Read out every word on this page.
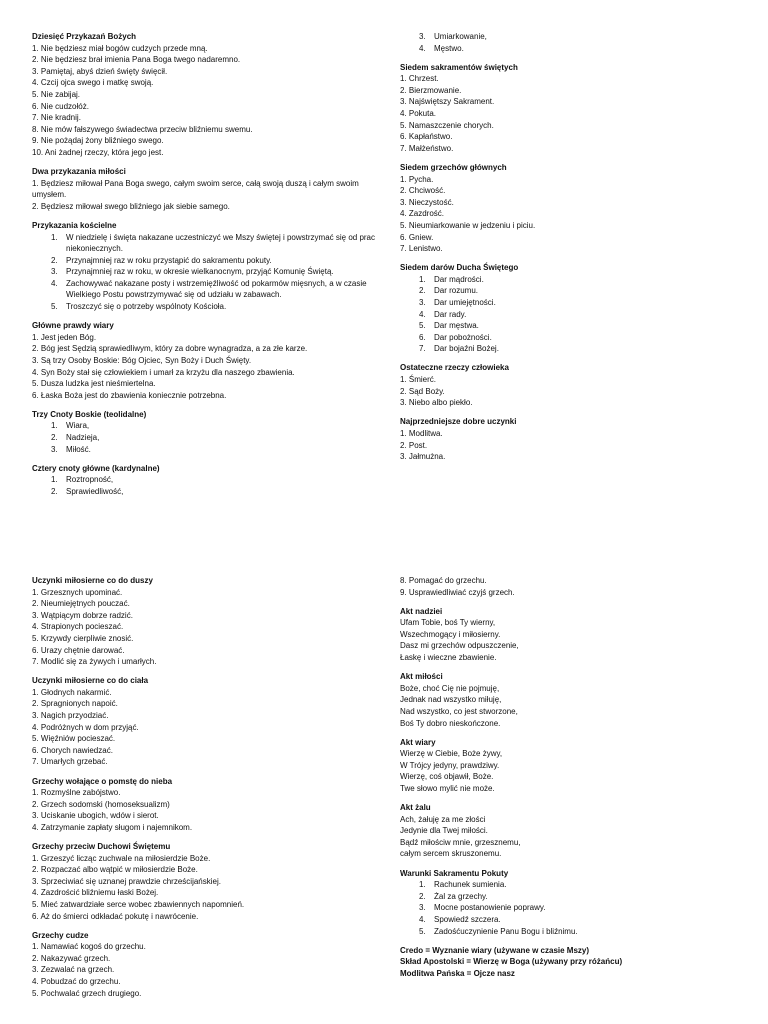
Dziesięć Przykazań Bożych
1. Nie będziesz miał bogów cudzych przede mną.
2. Nie będziesz brał imienia Pana Boga twego nadaremno.
3. Pamiętaj, abyś dzień święty święcił.
4. Czcij ojca swego i matkę swoją.
5. Nie zabijaj.
6. Nie cudzołóż.
7. Nie kradnij.
8. Nie mów fałszywego świadectwa przeciw bliźniemu swemu.
9. Nie pożądaj żony bliźniego swego.
10. Ani żadnej rzeczy, która jego jest.
Dwa przykazania miłości
1. Będziesz miłował Pana Boga swego, całym swoim serce, całą swoją duszą i całym swoim umysłem.
2. Będziesz miłował swego bliźniego jak siebie samego.
Przykazania kościelne
1. W niedzielę i święta nakazane uczestniczyć we Mszy świętej i powstrzymać się od prac niekoniecznych.
2. Przynajmniej raz w roku przystąpić do sakramentu pokuty.
3. Przynajmniej raz w roku, w okresie wielkanocnym, przyjąć Komunię Świętą.
4. Zachowywać nakazane posty i wstrzemięźliwość od pokarmów mięsnych, a w czasie Wielkiego Postu powstrzymywać się od udziału w zabawach.
5. Troszczyć się o potrzeby wspólnoty Kościoła.
Główne prawdy wiary
1. Jest jeden Bóg.
2. Bóg jest Sędzią sprawiedliwym, który za dobre wynagradza, a za złe karze.
3. Są trzy Osoby Boskie: Bóg Ojciec, Syn Boży i Duch Święty.
4. Syn Boży stał się człowiekiem i umarł za krzyżu dla naszego zbawienia.
5. Dusza ludzka jest nieśmiertelna.
6. Łaska Boża jest do zbawienia koniecznie potrzebna.
Trzy Cnoty Boskie (teolidalne)
1. Wiara,
2. Nadzieja,
3. Miłość.
Cztery cnoty główne (kardynalne)
1. Roztropność,
2. Sprawiedliwość,
3. Umiarkowanie,
4. Męstwo.
Siedem sakramentów świętych
1. Chrzest.
2. Bierzmowanie.
3. Najświętszy Sakrament.
4. Pokuta.
5. Namaszczenie chorych.
6. Kapłaństwo.
7. Małżeństwo.
Siedem grzechów głównych
1. Pycha.
2. Chciwość.
3. Nieczystość.
4. Zazdrość.
5. Nieumiarkowanie w jedzeniu i piciu.
6. Gniew.
7. Lenistwo.
Siedem darów Ducha Świętego
1. Dar mądrości.
2. Dar rozumu.
3. Dar umiejętności.
4. Dar rady.
5. Dar męstwa.
6. Dar pobożności.
7. Dar bojaźni Bożej.
Ostateczne rzeczy człowieka
1. Śmierć.
2. Sąd Boży.
3. Niebo albo piekło.
Najprzedniejsze dobre uczynki
1. Modlitwa.
2. Post.
3. Jałmużna.
Uczynki miłosierne co do duszy
1. Grzesznych upominać.
2. Nieumiejętnych pouczać.
3. Wątpiącym dobrze radzić.
4. Strapionych pocieszać.
5. Krzywdy cierpliwie znosić.
6. Urazy chętnie darować.
7. Modlić się za żywych i umarłych.
Uczynki miłosierne co do ciała
1. Głodnych nakarmić.
2. Spragnionych napoić.
3. Nagich przyodziać.
4. Podróżnych w dom przyjąć.
5. Więźniów pocieszać.
6. Chorych nawiedzać.
7. Umarłych grzebać.
Grzechy wołające o pomstę do nieba
1. Rozmyślne zabójstwo.
2. Grzech sodomski (homoseksualizm)
3. Uciskanie ubogich, wdów i sierot.
4. Zatrzymanie zapłaty sługom i najemnikom.
Grzechy przeciw Duchowi Świętemu
1. Grzeszyć licząc zuchwale na miłosierdzie Boże.
2. Rozpaczać albo wątpić w miłosierdzie Boże.
3. Sprzeciwiać się uznanej prawdzie chrześcijańskiej.
4. Zazdrościć bliźniemu łaski Bożej.
5. Mieć zatwardziałe serce wobec zbawiennych napomnień.
6. Aż do śmierci odkładać pokutę i nawrócenie.
Grzechy cudze
1. Namawiać kogoś do grzechu.
2. Nakazywać grzech.
3. Zezwalać na grzech.
4. Pobudzać do grzechu.
5. Pochwalać grzech drugiego.
8. Pomagać do grzechu.
9. Usprawiedliwiać czyjś grzech.
Akt nadziei
Ufam Tobie, boś Ty wierny,
Wszechmogący i miłosierny.
Dasz mi grzechów odpuszczenie,
Łaskę i wieczne zbawienie.
Akt miłości
Boże, choć Cię nie pojmuję,
Jednak nad wszystko miłuję,
Nad wszystko, co jest stworzone,
Boś Ty dobro nieskończone.
Akt wiary
Wierzę w Ciebie, Boże żywy,
W Trójcy jedyny, prawdziwy.
Wierzę, coś objawił, Boże.
Twe słowo mylić nie może.
Akt żalu
Ach, żałuję za me złości
Jedynie dla Twej miłości.
Bądź miłościw mnie, grzesznemu,
całym sercem skruszonemu.
Warunki Sakramentu Pokuty
1. Rachunek sumienia.
2. Żal za grzechy.
3. Mocne postanowienie poprawy.
4. Spowiedź szczera.
5. Zadośćuczynienie Panu Bogu i bliźnimu.
Credo = Wyznanie wiary (używane w czasie Mszy)
Skład Apostolski = Wierzę w Boga (używany przy różańcu)
Modlitwa Pańska = Ojcze nasz
